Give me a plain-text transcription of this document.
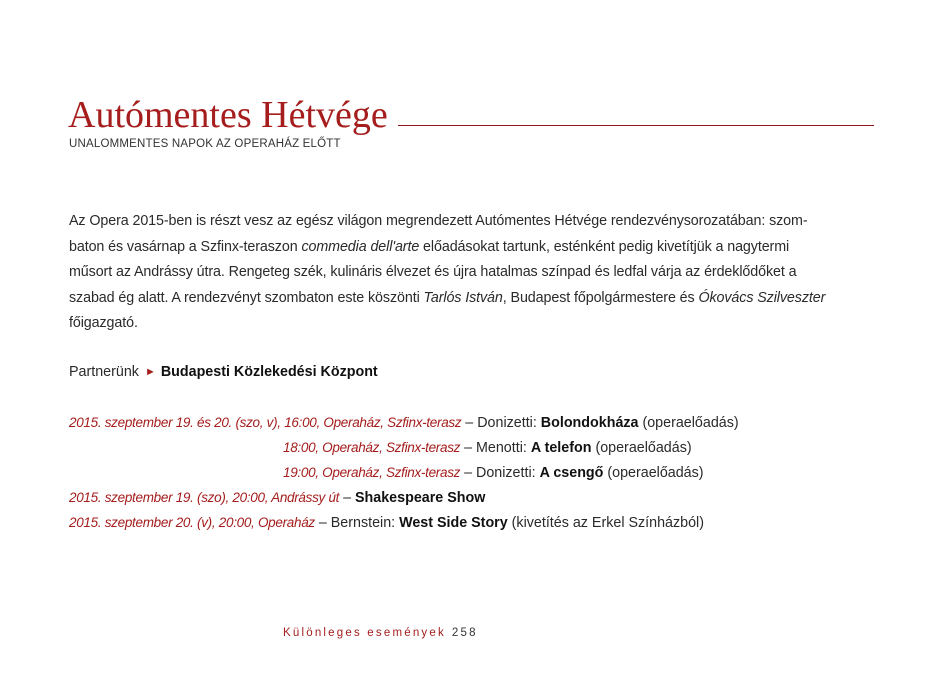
Autómentes Hétvége
UNALOMMENTES NAPOK AZ OPERAHÁZ ELŐTT
Az Opera 2015-ben is részt vesz az egész világon megrendezett Autómentes Hétvége rendezvénysorozatában: szom-
baton és vasárnap a Szfinx-teraszon commedia dell'arte előadásokat tartunk, esténként pedig kivetítjük a nagytermi
műsort az Andrássy útra. Rengeteg szék, kulináris élvezet és újra hatalmas színpad és ledfal várja az érdeklődőket a
szabad ég alatt. A rendezvényt szombaton este köszönti Tarlós István, Budapest főpolgármestere és Ókovács Szilveszter
főigazgató.
Partnerünk ► Budapesti Közlekedési Központ
2015. szeptember 19. és 20. (szo, v), 16:00, Operaház, Szfinx-terasz – Donizetti: Bolondokháza (operaelőadás)
18:00, Operaház, Szfinx-terasz – Menotti: A telefon (operaelőadás)
19:00, Operaház, Szfinx-terasz – Donizetti: A csengő (operaelőadás)
2015. szeptember 19. (szo), 20:00, Andrássy út – Shakespeare Show
2015. szeptember 20. (v), 20:00, Operaház – Bernstein: West Side Story (kivetítés az Erkel Színházból)
Különleges események 258
